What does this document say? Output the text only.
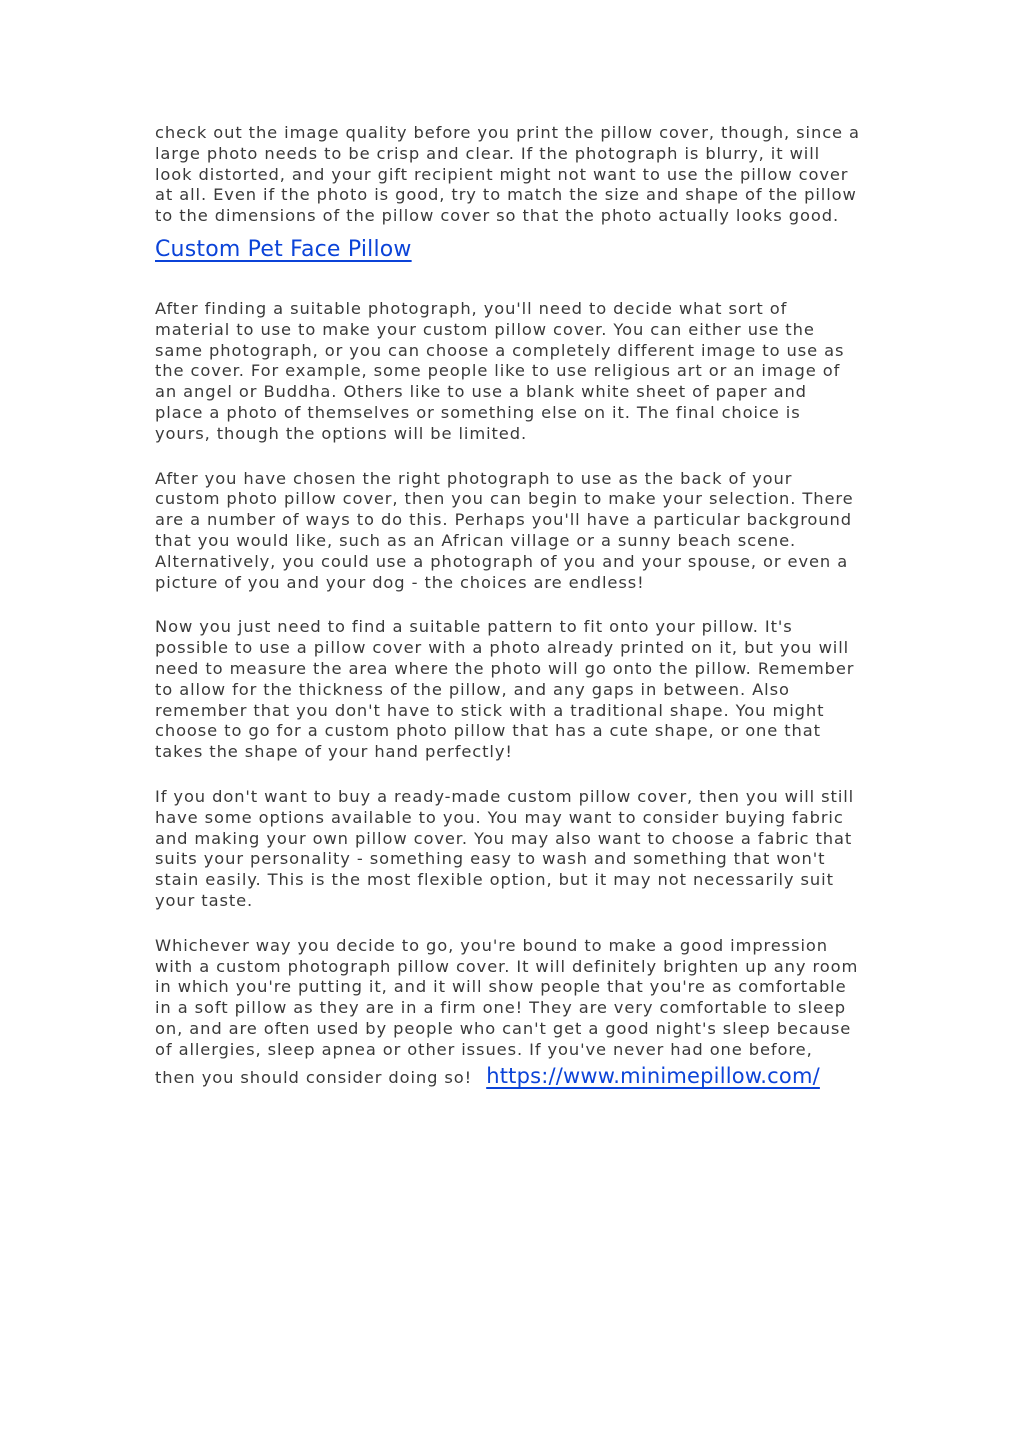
check out the image quality before you print the pillow cover, though, since a
large photo needs to be crisp and clear. If the photograph is blurry, it will
look distorted, and your gift recipient might not want to use the pillow cover
at all. Even if the photo is good, try to match the size and shape of the pillow
to the dimensions of the pillow cover so that the photo actually looks good.

Custom Pet Face Pillow

After finding a suitable photograph, you'll need to decide what sort of
material to use to make your custom pillow cover. You can either use the
same photograph, or you can choose a completely different image to use as
the cover. For example, some people like to use religious art or an image of
an angel or Buddha. Others like to use a blank white sheet of paper and
place a photo of themselves or something else on it. The final choice is
yours, though the options will be limited.

After you have chosen the right photograph to use as the back of your
custom photo pillow cover, then you can begin to make your selection. There
are a number of ways to do this. Perhaps you'll have a particular background
that you would like, such as an African village or a sunny beach scene.
Alternatively, you could use a photograph of you and your spouse, or even a
picture of you and your dog - the choices are endless!

Now you just need to find a suitable pattern to fit onto your pillow. It's
possible to use a pillow cover with a photo already printed on it, but you will
need to measure the area where the photo will go onto the pillow. Remember
to allow for the thickness of the pillow, and any gaps in between. Also
remember that you don't have to stick with a traditional shape. You might
choose to go for a custom photo pillow that has a cute shape, or one that
takes the shape of your hand perfectly!

If you don't want to buy a ready-made custom pillow cover, then you will still
have some options available to you. You may want to consider buying fabric
and making your own pillow cover. You may also want to choose a fabric that
suits your personality - something easy to wash and something that won't
stain easily. This is the most flexible option, but it may not necessarily suit
your taste.

Whichever way you decide to go, you're bound to make a good impression
with a custom photograph pillow cover. It will definitely brighten up any room
in which you're putting it, and it will show people that you're as comfortable
in a soft pillow as they are in a firm one! They are very comfortable to sleep
on, and are often used by people who can't get a good night's sleep because
of allergies, sleep apnea or other issues. If you've never had one before,
then you should consider doing so! https://www.minimepillow.com/
